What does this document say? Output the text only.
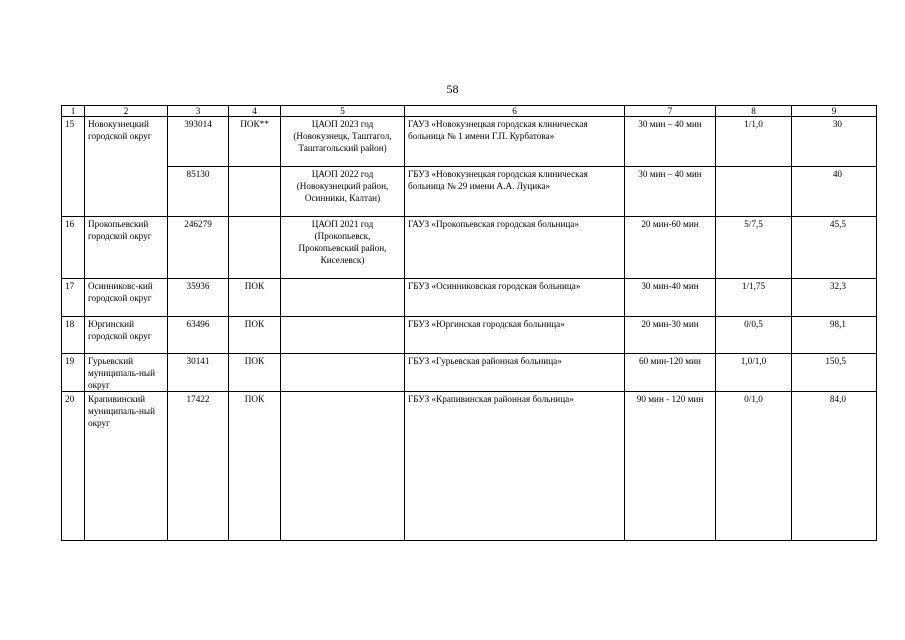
58
1	2	3	4	5	6	7	8	9
15	Новокузнецкий городской округ	393014	ПОК**	ЦАОП 2023 год (Новокузнецк, Таштагол, Таштагольский район)	ГАУЗ «Новокузнецкая городская клиническая больница № 1 имени Г.П. Курбатова»	30 мин – 40 мин	1/1,0	30
		85130		ЦАОП 2022 год (Новокузнецкий район, Осинники, Калтан)	ГБУЗ «Новокузнецкая городская клиническая больница № 29 имени А.А. Луцика»	30 мин – 40 мин		40
16	Прокопьевский городской округ	246279		ЦАОП 2021 год (Прокопьевск, Прокопьевский район, Киселевск)	ГАУЗ «Прокопьевская городская больница»	20 мин-60 мин	5/7,5	45,5
17	Осинниковс-кий городской округ	35936	ПОК		ГБУЗ «Осинниковская городская больница»	30 мин-40 мин	1/1,75	32,3
18	Юргинский городской округ	63496	ПОК		ГБУЗ «Юргинская городская больница»	20 мин-30 мин	0/0,5	98,1
19	Гурьевский муниципаль-ный округ	30141	ПОК		ГБУЗ «Гурьевская районная больница»	60 мин-120 мин	1,0/1,0	150,5
20	Крапивинский муниципаль-ный округ	17422	ПОК		ГБУЗ «Крапивинская районная больница»	90 мин - 120 мин	0/1,0	84,0
